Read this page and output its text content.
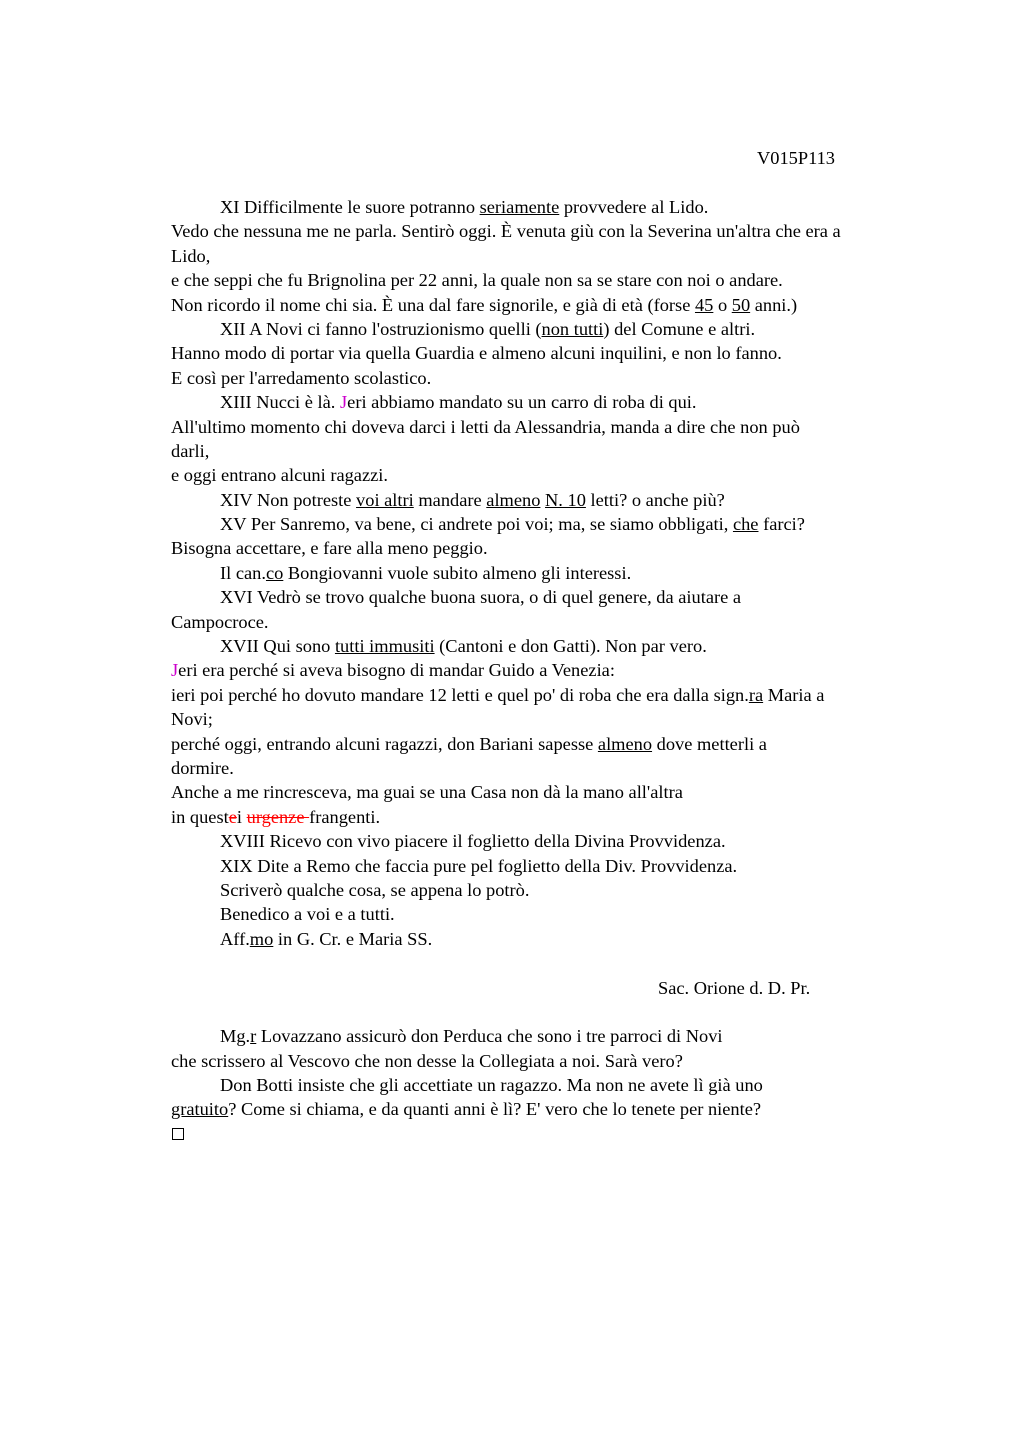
V015P113
XI Difficilmente le suore potranno seriamente provvedere al Lido.
Vedo che nessuna me ne parla. Sentirò oggi. È venuta giù con la Severina un'altra che era a
Lido,
e che seppi che fu Brignolina per 22 anni, la quale non sa se stare con noi o andare.
Non ricordo il nome chi sia. È una dal fare signorile, e già di età (forse 45 o 50 anni.)
XII A Novi ci fanno l'ostruzionismo quelli (non tutti) del Comune e altri.
Hanno modo di portar via quella Guardia e almeno alcuni inquilini, e non lo fanno.
E così per l'arredamento scolastico.
XIII Nucci è là. Jeri abbiamo mandato su un carro di roba di qui.
All'ultimo momento chi doveva darci i letti da Alessandria, manda a dire che non può
darli,
e oggi entrano alcuni ragazzi.
XIV Non potreste voi altri mandare almeno N. 10 letti? o anche più?
XV Per Sanremo, va bene, ci andrete poi voi; ma, se siamo obbligati, che farci?
Bisogna accettare, e fare alla meno peggio.
Il can.co Bongiovanni vuole subito almeno gli interessi.
XVI Vedrò se trovo qualche buona suora, o di quel genere, da aiutare a
Campocroce.
XVII Qui sono tutti immusiti (Cantoni e don Gatti). Non par vero.
Jeri era perché si aveva bisogno di mandar Guido a Venezia:
ieri poi perché ho dovuto mandare 12 letti e quel po' di roba che era dalla sign.ra Maria a
Novi;
perché oggi, entrando alcuni ragazzi, don Bariani sapesse almeno dove metterli a
dormire.
Anche a me rincresceva, ma guai se una Casa non dà la mano all'altra
in questei urgenze frangenti.
XVIII Ricevo con vivo piacere il foglietto della Divina Provvidenza.
XIX Dite a Remo che faccia pure pel foglietto della Div. Provvidenza.
Scriverò qualche cosa, se appena lo potrò.
Benedico a voi e a tutti.
Aff.mo in G. Cr. e Maria SS.
Sac. Orione d. D. Pr.
Mg.r Lovazzano assicurò don Perduca che sono i tre parroci di Novi
che scrissero al Vescovo che non desse la Collegiata a noi. Sarà vero?
Don Botti insiste che gli accettiate un ragazzo. Ma non ne avete lì già uno
gratuito? Come si chiama, e da quanti anni è lì? E' vero che lo tenete per niente?
